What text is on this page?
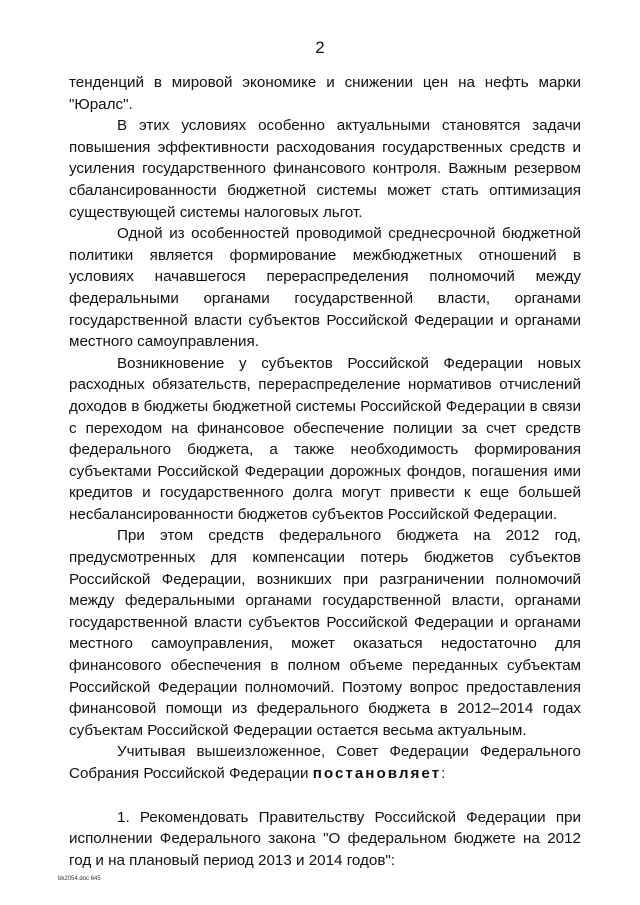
2

тенденций в мировой экономике и снижении цен на нефть марки "Юралс".

В этих условиях особенно актуальными становятся задачи повышения эффективности расходования государственных средств и усиления государственного финансового контроля. Важным резервом сбалансированности бюджетной системы может стать оптимизация существующей системы налоговых льгот.

Одной из особенностей проводимой среднесрочной бюджетной политики является формирование межбюджетных отношений в условиях начавшегося перераспределения полномочий между федеральными органами государственной власти, органами государственной власти субъектов Российской Федерации и органами местного самоуправления.

Возникновение у субъектов Российской Федерации новых расходных обязательств, перераспределение нормативов отчислений доходов в бюджеты бюджетной системы Российской Федерации в связи с переходом на финансовое обеспечение полиции за счет средств федерального бюджета, а также необходимость формирования субъектами Российской Федерации дорожных фондов, погашения ими кредитов и государственного долга могут привести к еще большей несбалансированности бюджетов субъектов Российской Федерации.

При этом средств федерального бюджета на 2012 год, предусмотренных для компенсации потерь бюджетов субъектов Российской Федерации, возникших при разграничении полномочий между федеральными органами государственной власти, органами государственной власти субъектов Российской Федерации и органами местного самоуправления, может оказаться недостаточно для финансового обеспечения в полном объеме переданных субъектам Российской Федерации полномочий. Поэтому вопрос предоставления финансовой помощи из федерального бюджета в 2012–2014 годах субъектам Российской Федерации остается весьма актуальным.

Учитывая вышеизложенное, Совет Федерации Федерального Собрания Российской Федерации постановляет:

1. Рекомендовать Правительству Российской Федерации при исполнении Федерального закона "О федеральном бюджете на 2012 год и на плановый период 2013 и 2014 годов":

bk2054.doc 645
